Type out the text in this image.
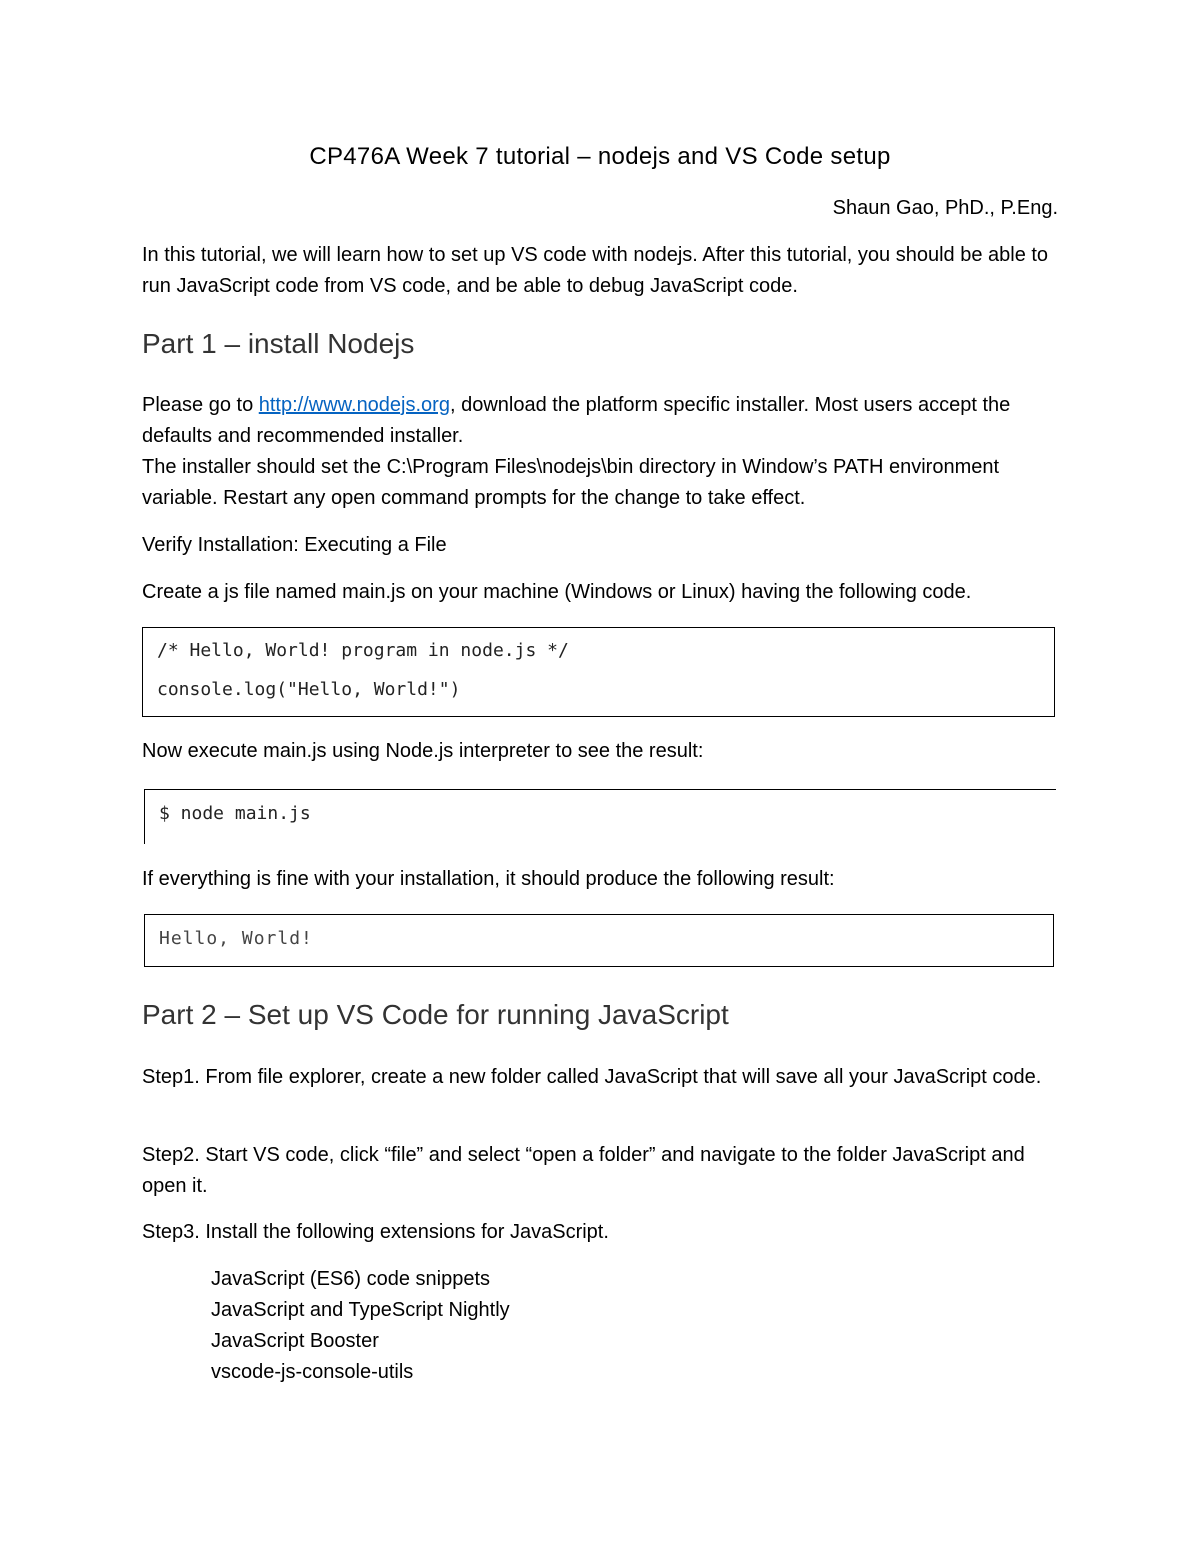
CP476A Week 7 tutorial – nodejs and VS Code setup
Shaun Gao, PhD., P.Eng.
In this tutorial, we will learn how to set up VS code with nodejs. After this tutorial, you should be able to run JavaScript code from VS code, and be able to debug JavaScript code.
Part 1 – install Nodejs
Please go to http://www.nodejs.org, download the platform specific installer. Most users accept the defaults and recommended installer.
The installer should set the C:\Program Files\nodejs\bin directory in Window’s PATH environment variable. Restart any open command prompts for the change to take effect.
Verify Installation: Executing a File
Create a js file named main.js on your machine (Windows or Linux) having the following code.
/* Hello, World! program in node.js */
console.log("Hello, World!")
Now execute main.js using Node.js interpreter to see the result:
$ node main.js
If everything is fine with your installation, it should produce the following result:
Hello, World!
Part 2 – Set up VS Code for running JavaScript
Step1. From file explorer, create a new folder called JavaScript that will save all your JavaScript code.
Step2. Start VS code, click “file” and select “open a folder” and navigate to the folder JavaScript and open it.
Step3. Install the following extensions for JavaScript.
JavaScript (ES6) code snippets
JavaScript and TypeScript Nightly
JavaScript Booster
vscode-js-console-utils
